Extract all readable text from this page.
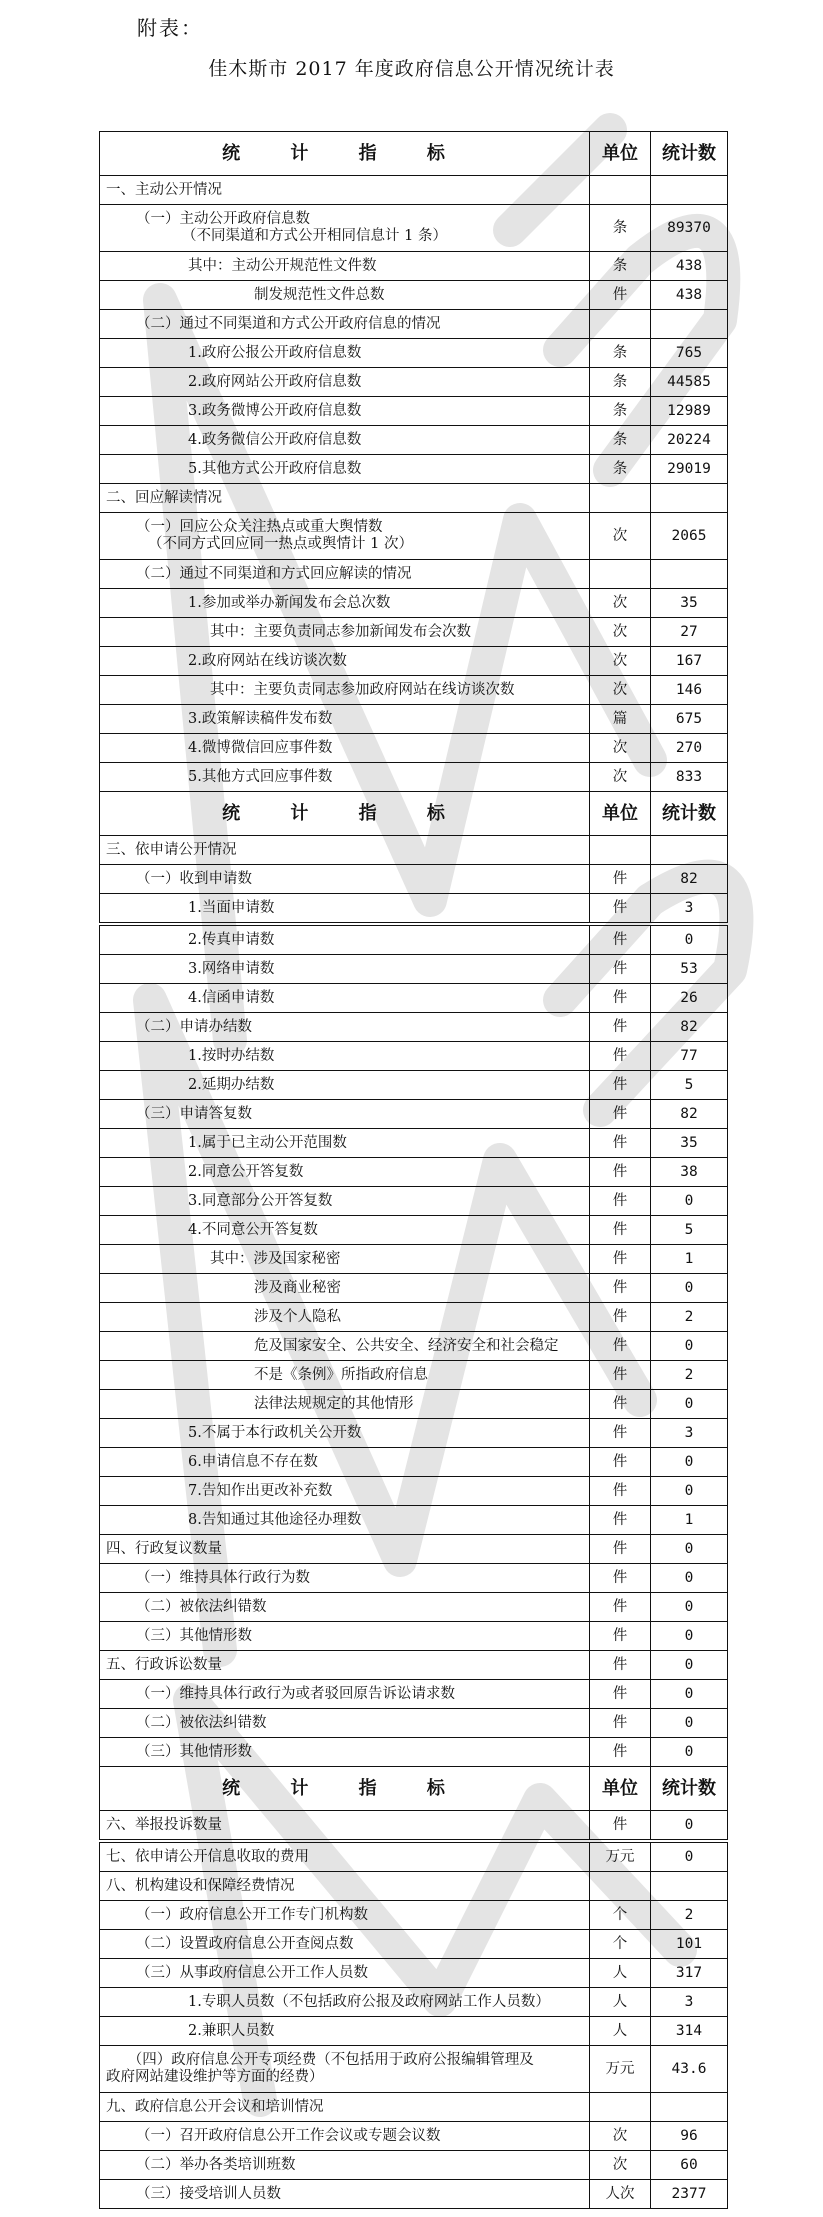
附表：
佳木斯市 2017 年度政府信息公开情况统计表
统 计 指 标	单位	统计数

一、主动公开情况		

（一）主动公开政府信息数
（不同渠道和方式公开相同信息计 1 条）	条	89370

其中：主动公开规范性文件数	条	438

制发规范性文件总数	件	438

（二）通过不同渠道和方式公开政府信息的情况		

1.政府公报公开政府信息数	条	765

2.政府网站公开政府信息数	条	44585

3.政务微博公开政府信息数	条	12989

4.政务微信公开政府信息数	条	20224

5.其他方式公开政府信息数	条	29019

二、回应解读情况		

（一）回应公众关注热点或重大舆情数
（不同方式回应同一热点或舆情计 1 次）	次	2065

（二）通过不同渠道和方式回应解读的情况		

1.参加或举办新闻发布会总次数	次	35

其中：主要负责同志参加新闻发布会次数	次	27

2.政府网站在线访谈次数	次	167

其中：主要负责同志参加政府网站在线访谈次数	次	146

3.政策解读稿件发布数	篇	675

4.微博微信回应事件数	次	270

5.其他方式回应事件数	次	833
统 计 指 标	单位	统计数

三、依申请公开情况		

（一）收到申请数	件	82

1.当面申请数	件	3

2.传真申请数	件	0

3.网络申请数	件	53

4.信函申请数	件	26

（二）申请办结数	件	82

1.按时办结数	件	77

2.延期办结数	件	5

（三）申请答复数	件	82

1.属于已主动公开范围数	件	35

2.同意公开答复数	件	38

3.同意部分公开答复数	件	0

4.不同意公开答复数	件	5

其中：涉及国家秘密	件	1

涉及商业秘密	件	0

涉及个人隐私	件	2

危及国家安全、公共安全、经济安全和社会稳定	件	0

不是《条例》所指政府信息	件	2

法律法规规定的其他情形	件	0

5.不属于本行政机关公开数	件	3

6.申请信息不存在数	件	0

7.告知作出更改补充数	件	0

8.告知通过其他途径办理数	件	1

四、行政复议数量	件	0

（一）维持具体行政行为数	件	0

（二）被依法纠错数	件	0

（三）其他情形数	件	0

五、行政诉讼数量	件	0

（一）维持具体行政行为或者驳回原告诉讼请求数	件	0

（二）被依法纠错数	件	0

（三）其他情形数	件	0
统 计 指 标	单位	统计数

六、举报投诉数量	件	0

七、依申请公开信息收取的费用	万元	0

八、机构建设和保障经费情况		

（一）政府信息公开工作专门机构数	个	2

（二）设置政府信息公开查阅点数	个	101

（三）从事政府信息公开工作人员数	人	317

1.专职人员数（不包括政府公报及政府网站工作人员数）	人	3

2.兼职人员数	人	314

　　（四）政府信息公开专项经费（不包括用于政府公报编辑管理及
政府网站建设维护等方面的经费）	万元	43.6

九、政府信息公开会议和培训情况		

（一）召开政府信息公开工作会议或专题会议数	次	96

（二）举办各类培训班数	次	60

（三）接受培训人员数	人次	2377
